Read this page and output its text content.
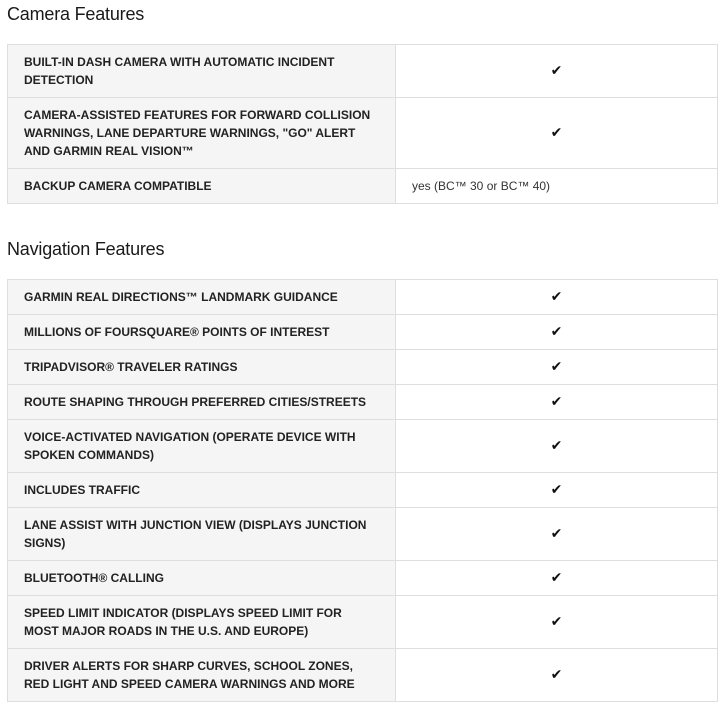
Camera Features
BUILT-IN DASH CAMERA WITH AUTOMATIC INCIDENT DETECTION	✔
CAMERA-ASSISTED FEATURES FOR FORWARD COLLISION WARNINGS, LANE DEPARTURE WARNINGS, "GO" ALERT AND GARMIN REAL VISION™	✔
BACKUP CAMERA COMPATIBLE	yes (BC™ 30 or BC™ 40)
Navigation Features
GARMIN REAL DIRECTIONS™ LANDMARK GUIDANCE	✔
MILLIONS OF FOURSQUARE® POINTS OF INTEREST	✔
TRIPADVISOR® TRAVELER RATINGS	✔
ROUTE SHAPING THROUGH PREFERRED CITIES/STREETS	✔
VOICE-ACTIVATED NAVIGATION (OPERATE DEVICE WITH SPOKEN COMMANDS)	✔
INCLUDES TRAFFIC	✔
LANE ASSIST WITH JUNCTION VIEW (DISPLAYS JUNCTION SIGNS)	✔
BLUETOOTH® CALLING	✔
SPEED LIMIT INDICATOR (DISPLAYS SPEED LIMIT FOR MOST MAJOR ROADS IN THE U.S. AND EUROPE)	✔
DRIVER ALERTS FOR SHARP CURVES, SCHOOL ZONES, RED LIGHT AND SPEED CAMERA WARNINGS AND MORE	✔
